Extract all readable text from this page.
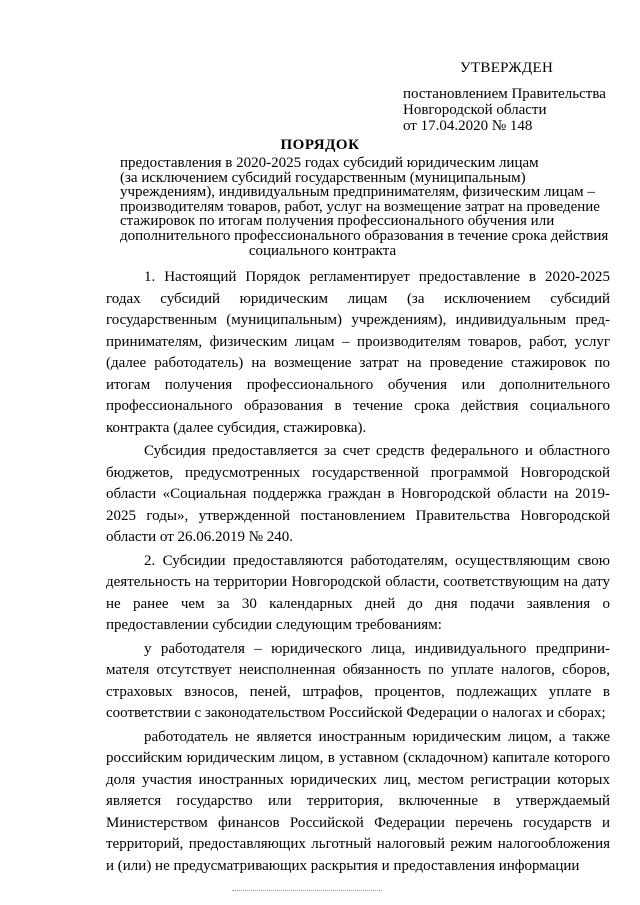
УТВЕРЖДЕН
постановлением Правительства
Новгородской области
от 17.04.2020 № 148
ПОРЯДОК
предоставления в 2020-2025 годах субсидий юридическим лицам
(за исключением субсидий государственным (муниципальным)
учреждениям), индивидуальным предпринимателям, физическим лицам –
производителям товаров, работ, услуг на возмещение затрат на проведение
стажировок по итогам получения профессионального обучения или
дополнительного профессионального образования в течение срока действия
социального контракта

1. Настоящий Порядок регламентирует предоставление в 2020-2025 годах субсидий юридическим лицам (за исключением субсидий государственным (муниципальным) учреждениям), индивидуальным предпринимателям, физическим лицам – производителям товаров, работ, услуг (далее работодатель) на возмещение затрат на проведение стажировок по итогам получения профессионального обучения или дополнительного профессионального образования в течение срока действия социального контракта (далее субсидия, стажировка).

Субсидия предоставляется за счет средств федерального и областного бюджетов, предусмотренных государственной программой Новгородской области «Социальная поддержка граждан в Новгородской области на 2019-2025 годы», утвержденной постановлением Правительства Новгородской области от 26.06.2019 № 240.

2. Субсидии предоставляются работодателям, осуществляющим свою деятельность на территории Новгородской области, соответствующим на дату не ранее чем за 30 календарных дней до дня подачи заявления о предоставлении субсидии следующим требованиям:

у работодателя – юридического лица, индивидуального предпринимателя отсутствует неисполненная обязанность по уплате налогов, сборов, страховых взносов, пеней, штрафов, процентов, подлежащих уплате в соответствии с законодательством Российской Федерации о налогах и сборах;

работодатель не является иностранным юридическим лицом, а также российским юридическим лицом, в уставном (складочном) капитале которого доля участия иностранных юридических лиц, местом регистрации которых является государство или территория, включенные в утверждаемый Министерством финансов Российской Федерации перечень государств и территорий, предоставляющих льготный налоговый режим налогообложения и (или) не предусматривающих раскрытия и предоставления информации
